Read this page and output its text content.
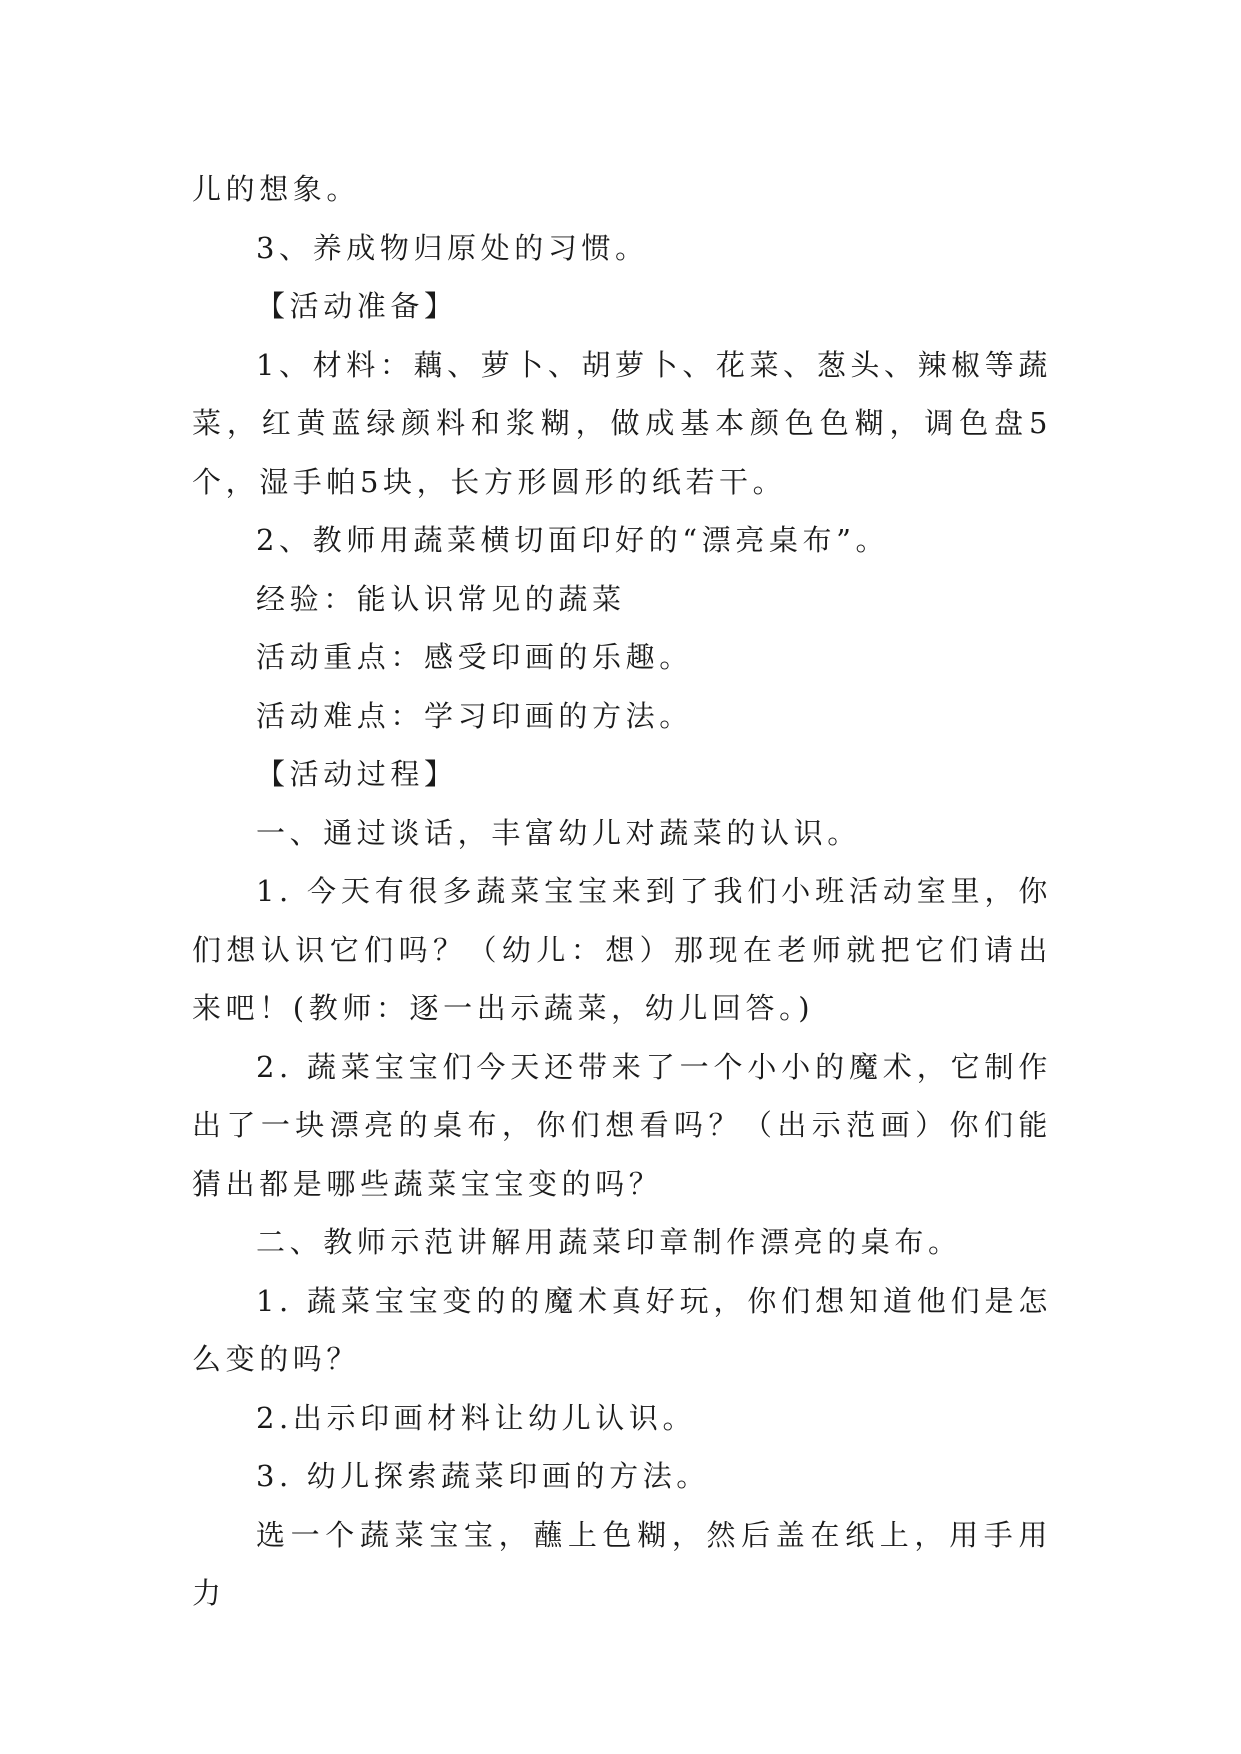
儿的想象。

3、养成物归原处的习惯。

【活动准备】

1、材料：藕、萝卜、胡萝卜、花菜、葱头、辣椒等蔬菜，红黄蓝绿颜料和浆糊，做成基本颜色色糊，调色盘5个，湿手帕5块，长方形圆形的纸若干。

2、教师用蔬菜横切面印好的“漂亮桌布”。

经验：能认识常见的蔬菜

活动重点：感受印画的乐趣。

活动难点：学习印画的方法。

【活动过程】

一、通过谈话，丰富幼儿对蔬菜的认识。

1. 今天有很多蔬菜宝宝来到了我们小班活动室里，你们想认识它们吗？（幼儿：想）那现在老师就把它们请出来吧！(教师：逐一出示蔬菜，幼儿回答。)

2. 蔬菜宝宝们今天还带来了一个小小的魔术，它制作出了一块漂亮的桌布，你们想看吗？（出示范画）你们能猜出都是哪些蔬菜宝宝变的吗？

二、教师示范讲解用蔬菜印章制作漂亮的桌布。

1. 蔬菜宝宝变的的魔术真好玩，你们想知道他们是怎么变的吗？

2.出示印画材料让幼儿认识。

3. 幼儿探索蔬菜印画的方法。

选一个蔬菜宝宝，蘸上色糊，然后盖在纸上，用手用力
